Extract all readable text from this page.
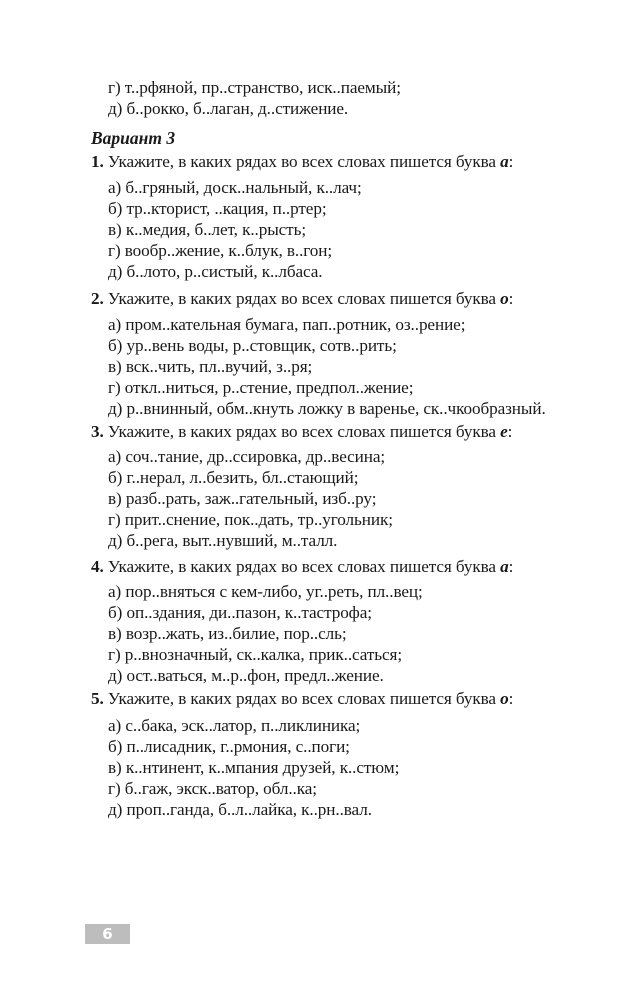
г) т..рфяной, пр..странство, иск..паемый;
д) б..рокко, б..лаган, д..стижение.
Вариант 3
1. Укажите, в каких рядах во всех словах пишется буква а:
а) б..гряный, доск..нальный, к..лач;
б) тр..кторист, ..кация, п..ртер;
в) к..медия, б..лет, к..рысть;
г) вообр..жение, к..блук, в..гон;
д) б..лото, р..систый, к..лбаса.
2. Укажите, в каких рядах во всех словах пишется буква о:
а) пром..кательная бумага, пап..ротник, оз..рение;
б) ур..вень воды, р..стовщик, сотв..рить;
в) вск..чить, пл..вучий, з..ря;
г) откл..ниться, р..стение, предпол..жение;
д) р..внинный, обм..кнуть ложку в варенье, ск..чкообразный.
3. Укажите, в каких рядах во всех словах пишется буква е:
а) соч..тание, др..ссировка, др..весина;
б) г..нерал, л..безить, бл..стающий;
в) разб..рать, заж..гательный, изб..ру;
г) прит..снение, пок..дать, тр..угольник;
д) б..рега, выт..нувший, м..талл.
4. Укажите, в каких рядах во всех словах пишется буква а:
а) пор..вняться с кем-либо, уг..реть, пл..вец;
б) оп..здания, ди..пазон, к..тастрофа;
в) возр..жать, из..билие, пор..сль;
г) р..внозначный, ск..калка, прик..саться;
д) ост..ваться, м..р..фон, предл..жение.
5. Укажите, в каких рядах во всех словах пишется буква о:
а) с..бака, эск..латор, п..ликлиника;
б) п..лисадник, г..рмония, с..поги;
в) к..нтинент, к..мпания друзей, к..стюм;
г) б..гаж, экск..ватор, обл..ка;
д) проп..ганда, б..л..лайка, к..рн..вал.
6
